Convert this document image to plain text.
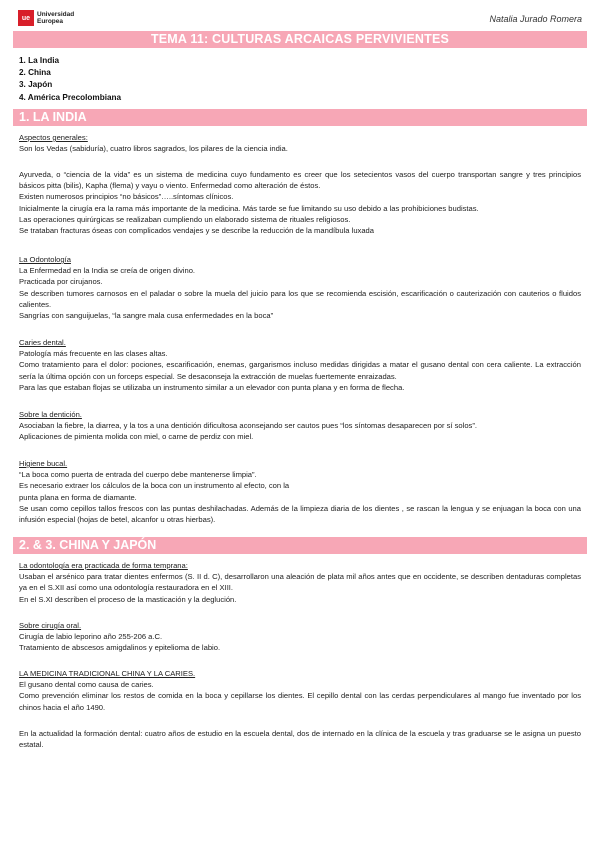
ue	Universidad
Europea	Natalia Jurado Romera
TEMA 11: CULTURAS ARCAICAS PERVIVIENTES
1. La India
2. China
3. Japón
4. América Precolombiana
1. LA INDIA

Aspectos generales:

Son los Vedas (sabiduría), cuatro libros sagrados, los pilares de la ciencia india.

Ayurveda, o “ciencia de la vida” es un sistema de medicina cuyo fundamento es creer que los setecientos vasos del cuerpo transportan sangre y tres principios básicos pitta (bilis), Kapha (flema) y vayu o viento. Enfermedad como alteración de éstos.

Existen numerosos principios “no básicos”…..síntomas clínicos.

Inicialmente la cirugía era la rama más importante de la medicina. Más tarde se fue limitando su uso debido a las prohibiciones budistas.

Las operaciones quirúrgicas se realizaban cumpliendo un elaborado sistema de rituales religiosos.

Se trataban fracturas óseas con complicados vendajes y se describe la reducción de la mandíbula luxada

La Odontología

La Enfermedad en la India se creía de origen divino.

Practicada por cirujanos.

Se describen tumores carnosos en el paladar o sobre la muela del juicio para los que se recomienda escisión, escarificación o cauterización con cauterios o fluidos calientes.

Sangrías con sanguijuelas, “la sangre mala cusa enfermedades en la boca”

Caries dental.

Patología más frecuente en las clases altas.

Como tratamiento para el dolor: pociones, escarificación, enemas, gargarismos incluso medidas dirigidas a matar el gusano dental con cera caliente. La extracción sería la última opción con un forceps especial. Se desaconseja la extracción de muelas fuertemente enraizadas.

Para las que estaban flojas se utilizaba un instrumento similar a un elevador con punta plana y en forma de flecha.

Sobre la dentición.

Asociaban la fiebre, la diarrea, y la tos a una dentición dificultosa aconsejando ser cautos pues “los síntomas desaparecen por sí solos”.

Aplicaciones de pimienta molida con miel, o carne de perdiz con miel.

Higiene bucal.

“La boca como puerta de entrada del cuerpo debe mantenerse limpia”.

Es necesario extraer los cálculos de la boca con un instrumento al efecto, con la

punta plana en forma de diamante.

Se usan como cepillos tallos frescos con las puntas deshilachadas. Además de la limpieza diaria de los dientes , se rascan la lengua y se enjuagan la boca con una infusión especial (hojas de betel, alcanfor u otras hierbas).

2. & 3. CHINA Y JAPÓN

La odontología era practicada de forma temprana:

Usaban el arsénico para tratar dientes enfermos (S. II d. C), desarrollaron una aleación de plata mil años antes que en occidente, se describen dentaduras completas ya en el S.XII así como una odontología restauradora en el XIII.

En el S.XI describen el proceso de la masticación y la deglución.

Sobre cirugía oral.

Cirugía de labio leporino año 255-206 a.C.

Tratamiento de abscesos amigdalinos y epitelioma de labio.

LA MEDICINA TRADICIONAL CHINA Y LA CARIES.

El gusano dental como causa de caries.

Como prevención eliminar los restos de comida en la boca y cepillarse los dientes. El cepillo dental con las cerdas perpendiculares al mango fue inventado por los chinos hacia el año 1490.

En la actualidad la formación dental: cuatro años de estudio en la escuela dental, dos de internado en la clínica de la escuela y tras graduarse se le asigna un puesto estatal.
